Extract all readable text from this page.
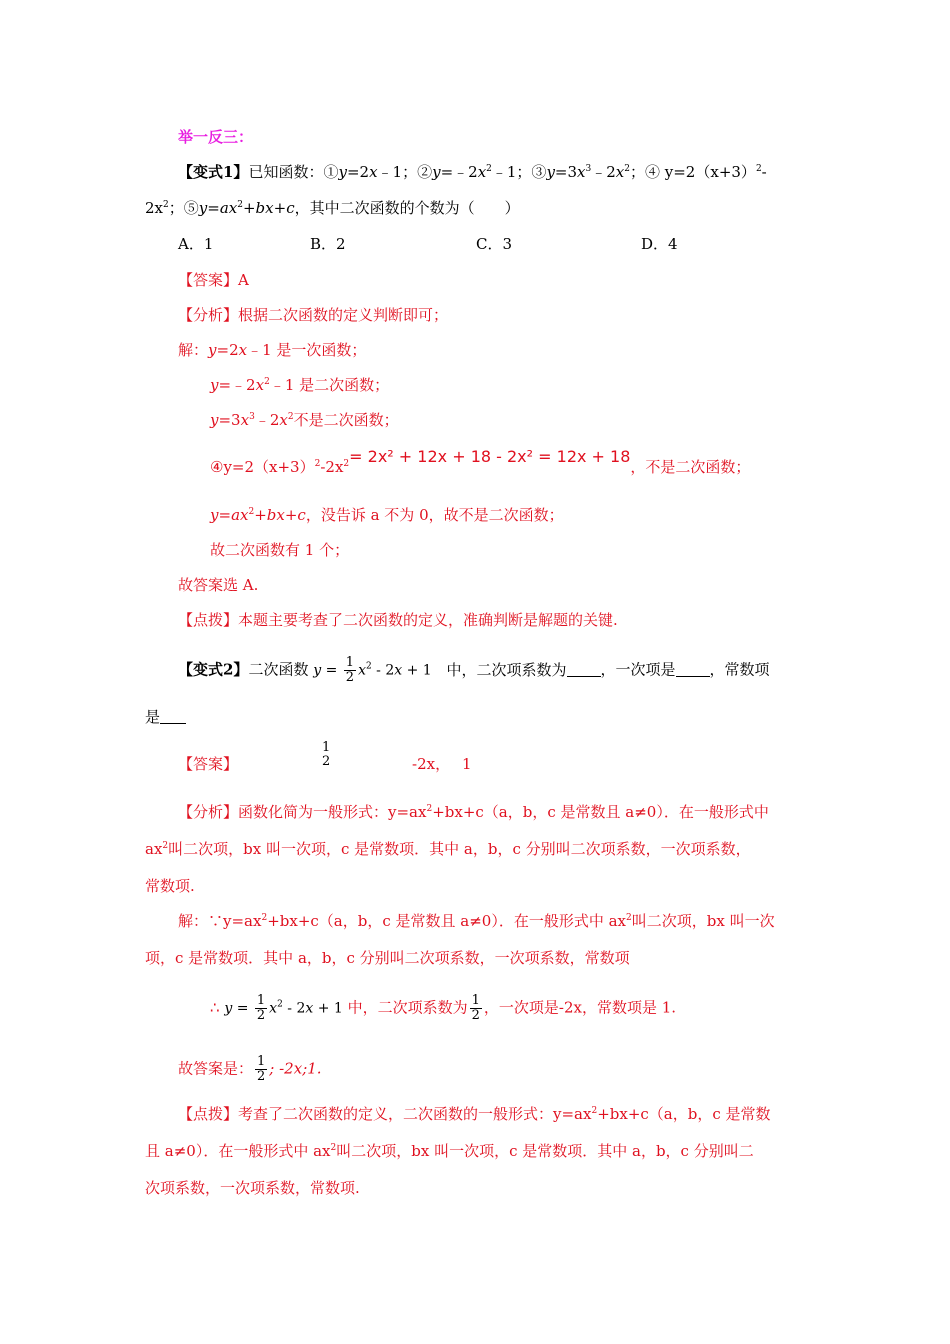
举一反三：
【变式1】已知函数：①y=2x﹣1；$②y=﹣2x^2﹣1$；$③y=3x^3﹣2x^2$；④ $y=2(x+3)^2-$
$2x^2$；$⑤y=ax^2+bx+c$，其中二次函数的个数为（　　）
A．1	B．2	C．3	D．4
【答案】A
【分析】根据二次函数的定义判断即可；
解：y=2x﹣1 是一次函数；
$y=﹣2x^2﹣1$ 是二次函数；
$y=3x^3﹣2x^2$不是二次函数；
$④y=2(x+3)^2-2x^2= 2x^2 + 12x + 18 - 2x^2 = 12x + 18$，不是二次函数；
$y=ax^2+bx+c$，没告诉 a 不为 0，故不是二次函数；
故二次函数有 1 个；
故答案选 A.
【点拨】本题主要考查了二次函数的定义，准确判断是解题的关键.
【变式2】二次函数 $y = \frac{1}{2} x^2 - 2x + 1$ 中，二次项系数为 ，一次项是 ，常数项
是
【答案】
1
2	-2x， 1
【分析】函数化简为一般形式：$y=ax^2+bx+c(a$，b，c 是常数且 a≠0）．在一般形式中
$ax^2$叫二次项，bx 叫一次项，c 是常数项．其中 a，b，c 分别叫二次项系数，一次项系数，
常数项.
解：$\because y=ax^2+bx+c(a$，b，c 是常数且 a≠0）．在一般形式中 $ax^2$叫二次项，bx 叫一次
项，c 是常数项．其中 a，b，c 分别叫二次项系数，一次项系数，常数项
∴ $y = \frac{1}{2} x^2 - 2x + 1$ 中，二次项系数为 $\frac{1}{2}$ ，一次项是-2x，常数项是 1.
故答案是： $\frac{1}{2}$ ; -2x;1.
【点拨】考查了二次函数的定义，二次函数的一般形式：$y=ax^2+bx+c(a$，b，c 是常数
且 a≠0）．在一般形式中 $ax^2$叫二次项，bx 叫一次项，c 是常数项．其中 a，b，c 分别叫二
次项系数，一次项系数，常数项.
